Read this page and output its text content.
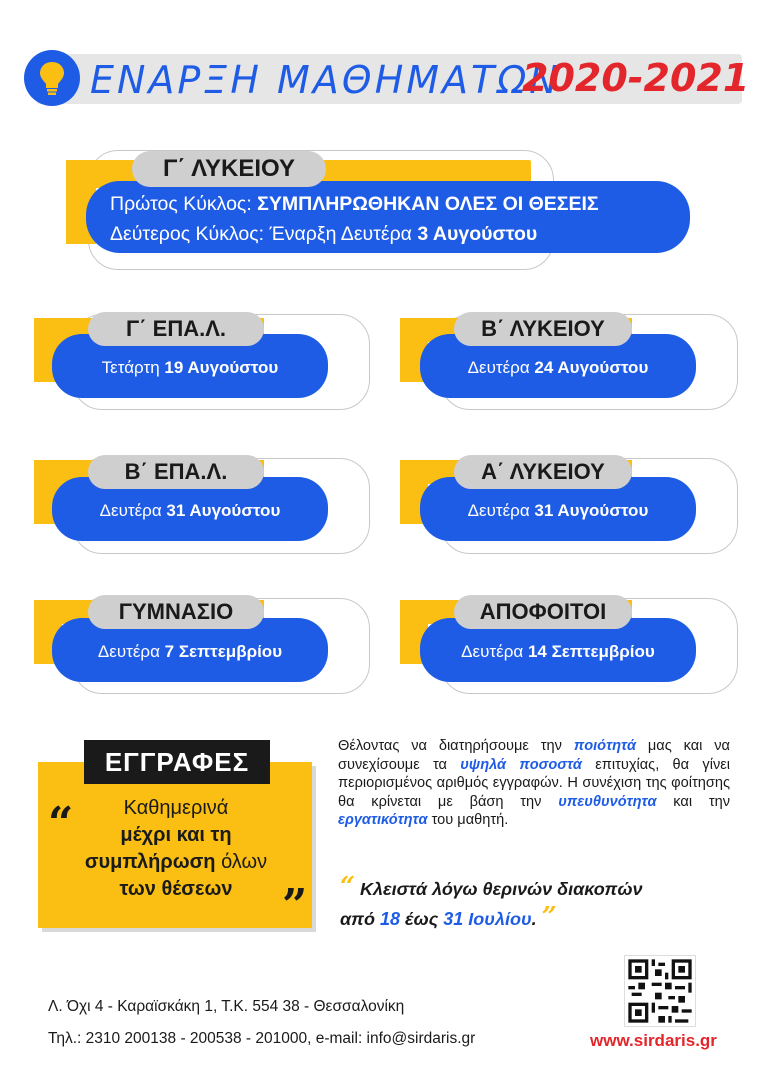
ΕΝΑΡΞΗ ΜΑΘΗΜΑΤΩΝ
2020-2021
Γ΄ ΛΥΚΕΙΟΥ
Πρώτος Κύκλος: ΣΥΜΠΛΗΡΩΘΗΚΑΝ ΟΛΕΣ ΟΙ ΘΕΣΕΙΣ
Δεύτερος Κύκλος: Έναρξη Δευτέρα 3 Αυγούστου
Γ΄ ΕΠΑ.Λ.
Τετάρτη 19 Αυγούστου
Β΄ ΛΥΚΕΙΟΥ
Δευτέρα 24 Αυγούστου
Β΄ ΕΠΑ.Λ.
Δευτέρα 31 Αυγούστου
Α΄ ΛΥΚΕΙΟΥ
Δευτέρα 31 Αυγούστου
ΓΥΜΝΑΣΙΟ
Δευτέρα 7 Σεπτεμβρίου
ΑΠΟΦΟΙΤΟΙ
Δευτέρα 14 Σεπτεμβρίου
ΕΓΓΡΑΦΕΣ
“	Καθημερινά
μέχρι και τη
συμπλήρωση όλων
των θέσεων	”
Θέλοντας να διατηρήσουμε την ποιότητά μας και να συνεχίσουμε τα υψηλά ποσοστά επιτυχίας, θα γίνει περιορισμένος αριθμός εγγραφών. Η συνέχιση της φοίτησης θα κρίνεται με βάση την υπευθυνότητα και την εργατικότητα του μαθητή.
“ Κλειστά λόγω θερινών διακοπών
από 18 έως 31 Ιουλίου. ”
Λ. Όχι 4 - Καραϊσκάκη 1, Τ.Κ. 554 38 - Θεσσαλονίκη
Τηλ.: 2310 200138 - 200538 - 201000, e-mail: info@sirdaris.gr	www.sirdaris.gr
